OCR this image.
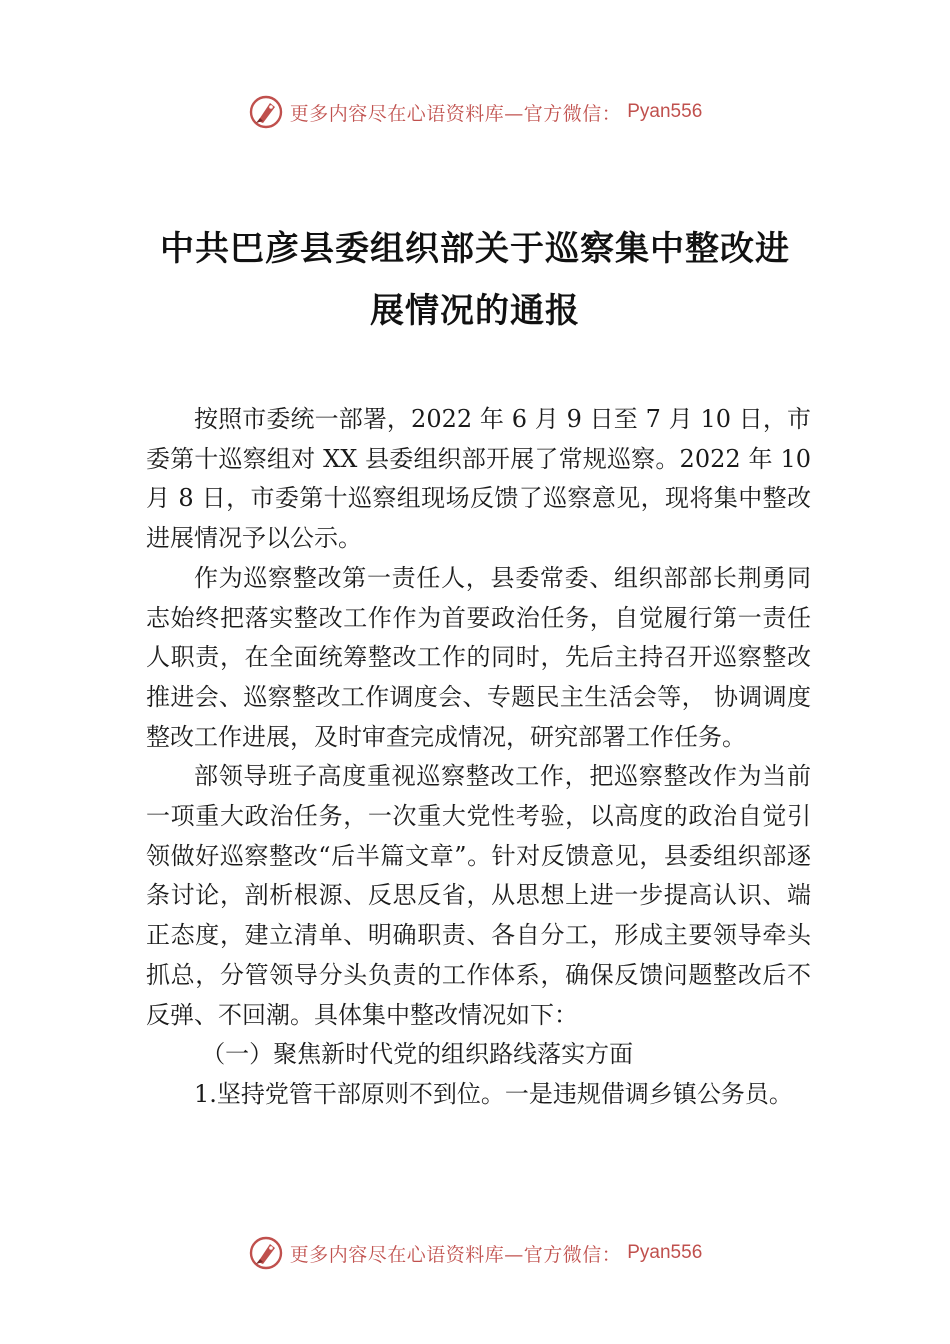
更多内容尽在心语资料库—官方微信： Pyan556
中共巴彦县委组织部关于巡察集中整改进
展情况的通报

按照市委统一部署，2022 年 6 月 9 日至 7 月 10 日，市委第十巡察组对 XX 县委组织部开展了常规巡察。2022 年 10 月 8 日，市委第十巡察组现场反馈了巡察意见，现将集中整改进展情况予以公示。

作为巡察整改第一责任人，县委常委、组织部部长荆勇同志始终把落实整改工作作为首要政治任务，自觉履行第一责任人职责，在全面统筹整改工作的同时，先后主持召开巡察整改推进会、巡察整改工作调度会、专题民主生活会等， 协调调度整改工作进展，及时审查完成情况，研究部署工作任务。

部领导班子高度重视巡察整改工作，把巡察整改作为当前一项重大政治任务，一次重大党性考验，以高度的政治自觉引领做好巡察整改“后半篇文章”。针对反馈意见，县委组织部逐条讨论，剖析根源、反思反省，从思想上进一步提高认识、端正态度，建立清单、明确职责、各自分工，形成主要领导牵头抓总，分管领导分头负责的工作体系，确保反馈问题整改后不反弹、不回潮。具体集中整改情况如下：

（一）聚焦新时代党的组织路线落实方面

1.坚持党管干部原则不到位。一是违规借调乡镇公务员。

更多内容尽在心语资料库—官方微信： Pyan556
